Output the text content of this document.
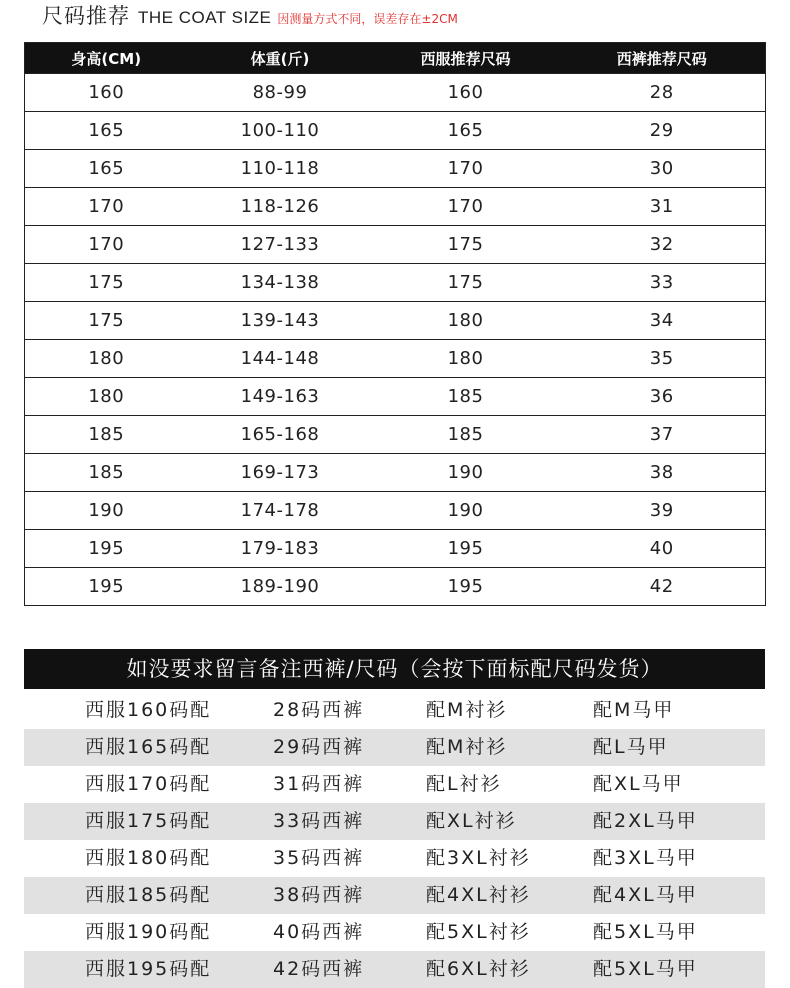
尺码推荐 THE COAT SIZE 因测量方式不同，误差存在±2CM
身高(CM)	体重(斤)	西服推荐尺码	西裤推荐尺码
160	88-99	160	28
165	100-110	165	29
165	110-118	170	30
170	118-126	170	31
170	127-133	175	32
175	134-138	175	33
175	139-143	180	34
180	144-148	180	35
180	149-163	185	36
185	165-168	185	37
185	169-173	190	38
190	174-178	190	39
195	179-183	195	40
195	189-190	195	42
如没要求留言备注西裤/尺码（会按下面标配尺码发货）
西服160码配	28码西裤	配M衬衫	配M马甲
西服165码配	29码西裤	配M衬衫	配L马甲
西服170码配	31码西裤	配L衬衫	配XL马甲
西服175码配	33码西裤	配XL衬衫	配2XL马甲
西服180码配	35码西裤	配3XL衬衫	配3XL马甲
西服185码配	38码西裤	配4XL衬衫	配4XL马甲
西服190码配	40码西裤	配5XL衬衫	配5XL马甲
西服195码配	42码西裤	配6XL衬衫	配5XL马甲
